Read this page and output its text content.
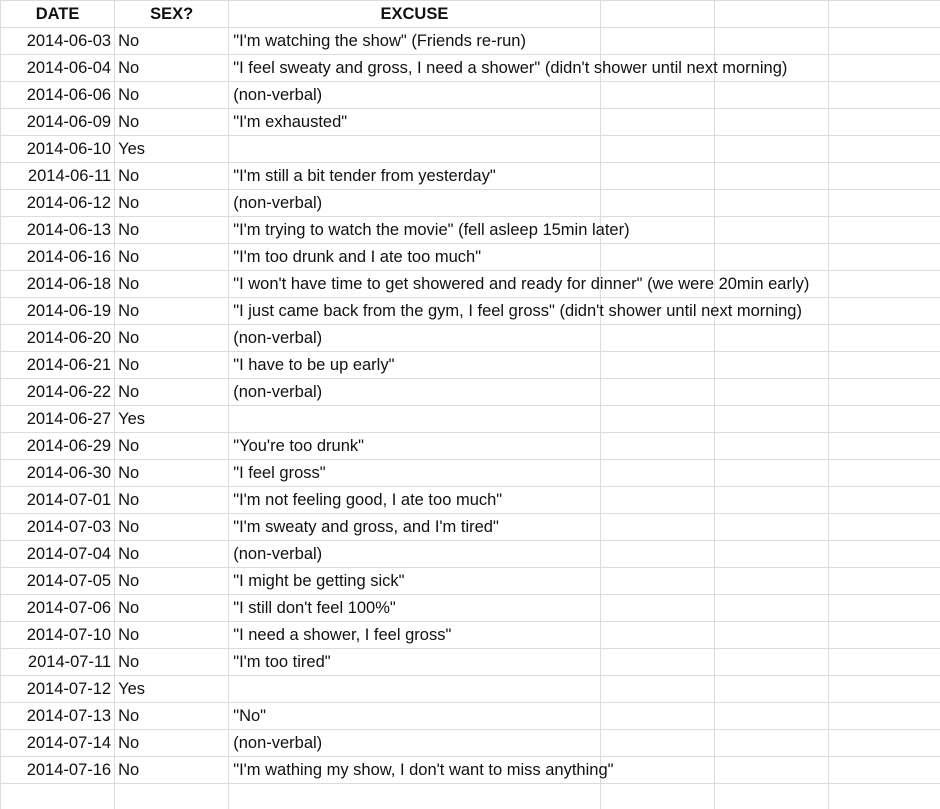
DATE	SEX?	EXCUSE			
2014-06-03	No	"I'm watching the show" (Friends re-run)			
2014-06-04	No	"I feel sweaty and gross, I need a shower" (didn't shower until next morning)			
2014-06-06	No	(non-verbal)			
2014-06-09	No	"I'm exhausted"			
2014-06-10	Yes				
2014-06-11	No	"I'm still a bit tender from yesterday"			
2014-06-12	No	(non-verbal)			
2014-06-13	No	"I'm trying to watch the movie" (fell asleep 15min later)			
2014-06-16	No	"I'm too drunk and I ate too much"			
2014-06-18	No	"I won't have time to get showered and ready for dinner" (we were 20min early)			
2014-06-19	No	"I just came back from the gym, I feel gross" (didn't shower until next morning)			
2014-06-20	No	(non-verbal)			
2014-06-21	No	"I have to be up early"			
2014-06-22	No	(non-verbal)			
2014-06-27	Yes				
2014-06-29	No	"You're too drunk"			
2014-06-30	No	"I feel gross"			
2014-07-01	No	"I'm not feeling good, I ate too much"			
2014-07-03	No	"I'm sweaty and gross, and I'm tired"			
2014-07-04	No	(non-verbal)			
2014-07-05	No	"I might be getting sick"			
2014-07-06	No	"I still don't feel 100%"			
2014-07-10	No	"I need a shower, I feel gross"			
2014-07-11	No	"I'm too tired"			
2014-07-12	Yes				
2014-07-13	No	"No"			
2014-07-14	No	(non-verbal)			
2014-07-16	No	"I'm wathing my show, I don't want to miss anything"			
